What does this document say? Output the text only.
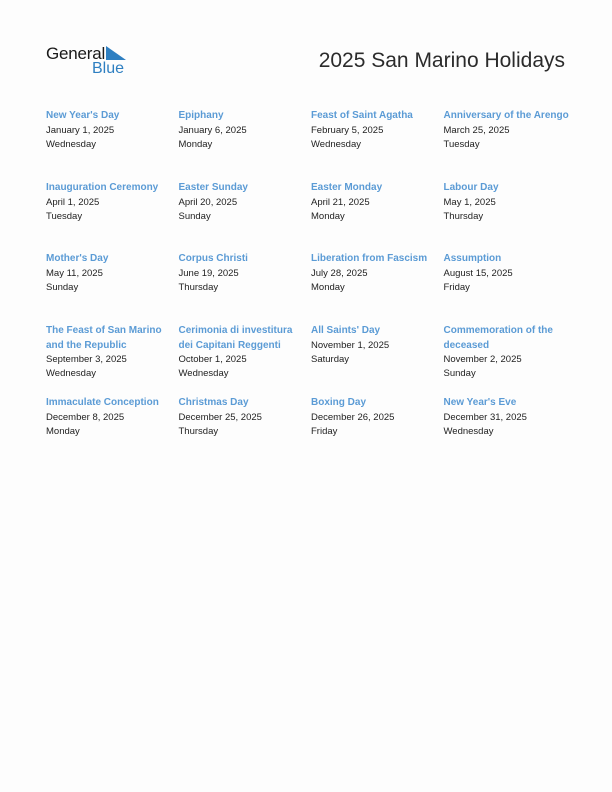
General
Blue	2025 San Marino Holidays
New Year's Day
January 1, 2025
Wednesday
Epiphany
January 6, 2025
Monday
Feast of Saint Agatha
February 5, 2025
Wednesday
Anniversary of the Arengo
March 25, 2025
Tuesday
Inauguration Ceremony
April 1, 2025
Tuesday
Easter Sunday
April 20, 2025
Sunday
Easter Monday
April 21, 2025
Monday
Labour Day
May 1, 2025
Thursday
Mother's Day
May 11, 2025
Sunday
Corpus Christi
June 19, 2025
Thursday
Liberation from Fascism
July 28, 2025
Monday
Assumption
August 15, 2025
Friday
The Feast of San Marino and the Republic
September 3, 2025
Wednesday
Cerimonia di investitura dei Capitani Reggenti
October 1, 2025
Wednesday
All Saints' Day
November 1, 2025
Saturday
Commemoration of the deceased
November 2, 2025
Sunday
Immaculate Conception
December 8, 2025
Monday
Christmas Day
December 25, 2025
Thursday
Boxing Day
December 26, 2025
Friday
New Year's Eve
December 31, 2025
Wednesday
